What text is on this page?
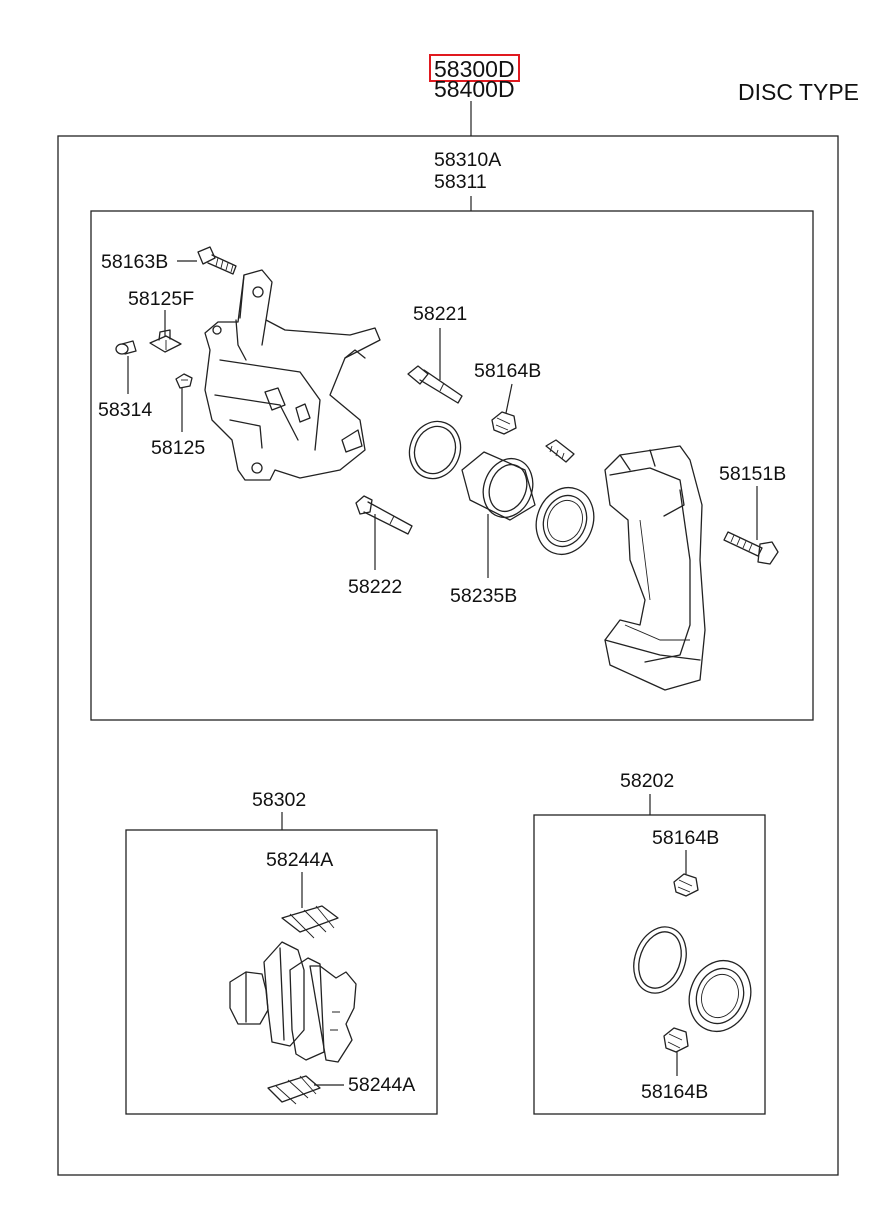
58300D
58400D	DISC TYPE
58310A
58311
58163B
58125F
58314
58125
58221
58164B
58235B
58222
58151B
58302
58244A
58244A
58202
58164B
58164B
